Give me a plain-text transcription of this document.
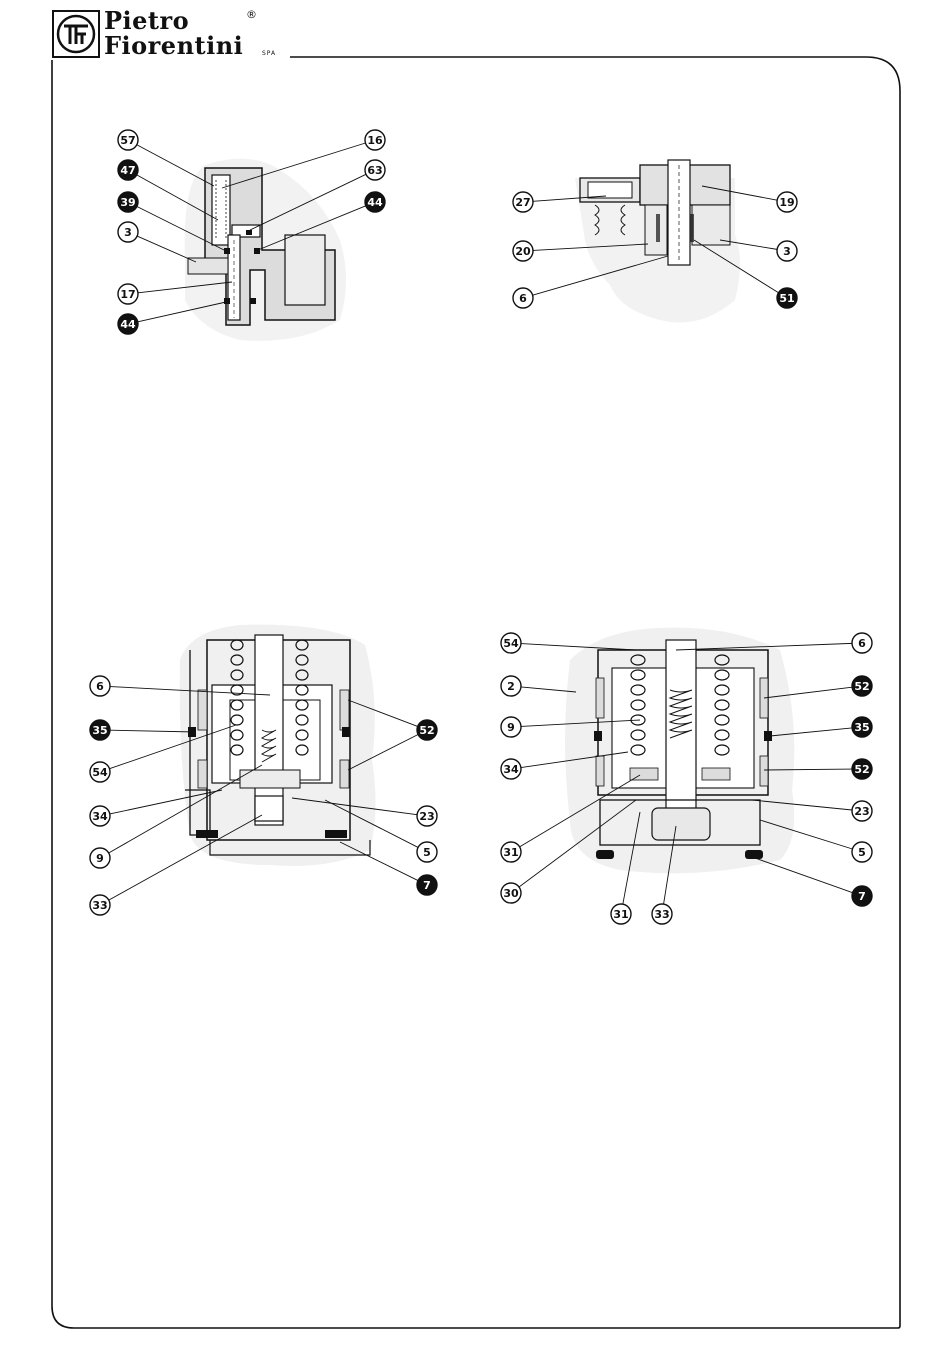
Pietro
Fiorentini	SPA
®
57
47
39
3
17
44
16
63
44	27
20
6
19
3
51
6
35
54
34
9
33
52
23
5
7
54
2
9
34
31
30
31 33
6
52
35
52
23
5
7
